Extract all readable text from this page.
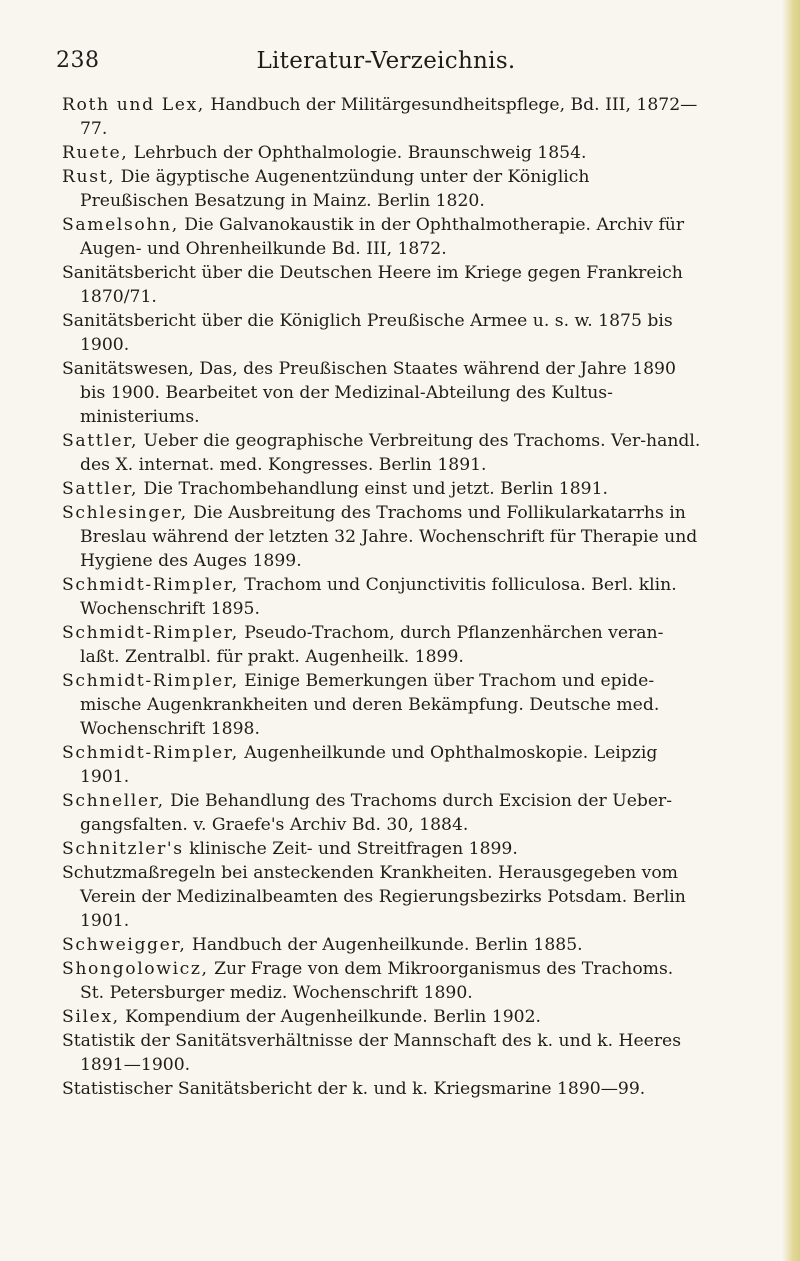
238	Literatur-Verzeichnis.
Roth und Lex, Handbuch der Militärgesundheitspflege, Bd. III, 1872—77.
Ruete, Lehrbuch der Ophthalmologie. Braunschweig 1854.
Rust, Die ägyptische Augenentzündung unter der Königlich Preußischen Besatzung in Mainz. Berlin 1820.
Samelsohn, Die Galvanokaustik in der Ophthalmotherapie. Archiv für Augen- und Ohrenheilkunde Bd. III, 1872.
Sanitätsbericht über die Deutschen Heere im Kriege gegen Frankreich 1870/71.
Sanitätsbericht über die Königlich Preußische Armee u. s. w. 1875 bis 1900.
Sanitätswesen, Das, des Preußischen Staates während der Jahre 1890 bis 1900. Bearbeitet von der Medizinal-Abteilung des Kultus-ministeriums.
Sattler, Ueber die geographische Verbreitung des Trachoms. Ver-handl. des X. internat. med. Kongresses. Berlin 1891.
Sattler, Die Trachombehandlung einst und jetzt. Berlin 1891.
Schlesinger, Die Ausbreitung des Trachoms und Follikularkatarrhs in Breslau während der letzten 32 Jahre. Wochenschrift für Therapie und Hygiene des Auges 1899.
Schmidt-Rimpler, Trachom und Conjunctivitis folliculosa. Berl. klin. Wochenschrift 1895.
Schmidt-Rimpler, Pseudo-Trachom, durch Pflanzenhärchen veran-laßt. Zentralbl. für prakt. Augenheilk. 1899.
Schmidt-Rimpler, Einige Bemerkungen über Trachom und epide-mische Augenkrankheiten und deren Bekämpfung. Deutsche med. Wochenschrift 1898.
Schmidt-Rimpler, Augenheilkunde und Ophthalmoskopie. Leipzig 1901.
Schneller, Die Behandlung des Trachoms durch Excision der Ueber-gangsfalten. v. Graefe's Archiv Bd. 30, 1884.
Schnitzler's klinische Zeit- und Streitfragen 1899.
Schutzmaßregeln bei ansteckenden Krankheiten. Herausgegeben vom Verein der Medizinalbeamten des Regierungsbezirks Potsdam. Berlin 1901.
Schweigger, Handbuch der Augenheilkunde. Berlin 1885.
Shongolowicz, Zur Frage von dem Mikroorganismus des Trachoms. St. Petersburger mediz. Wochenschrift 1890.
Silex, Kompendium der Augenheilkunde. Berlin 1902.
Statistik der Sanitätsverhältnisse der Mannschaft des k. und k. Heeres 1891—1900.
Statistischer Sanitätsbericht der k. und k. Kriegsmarine 1890—99.
